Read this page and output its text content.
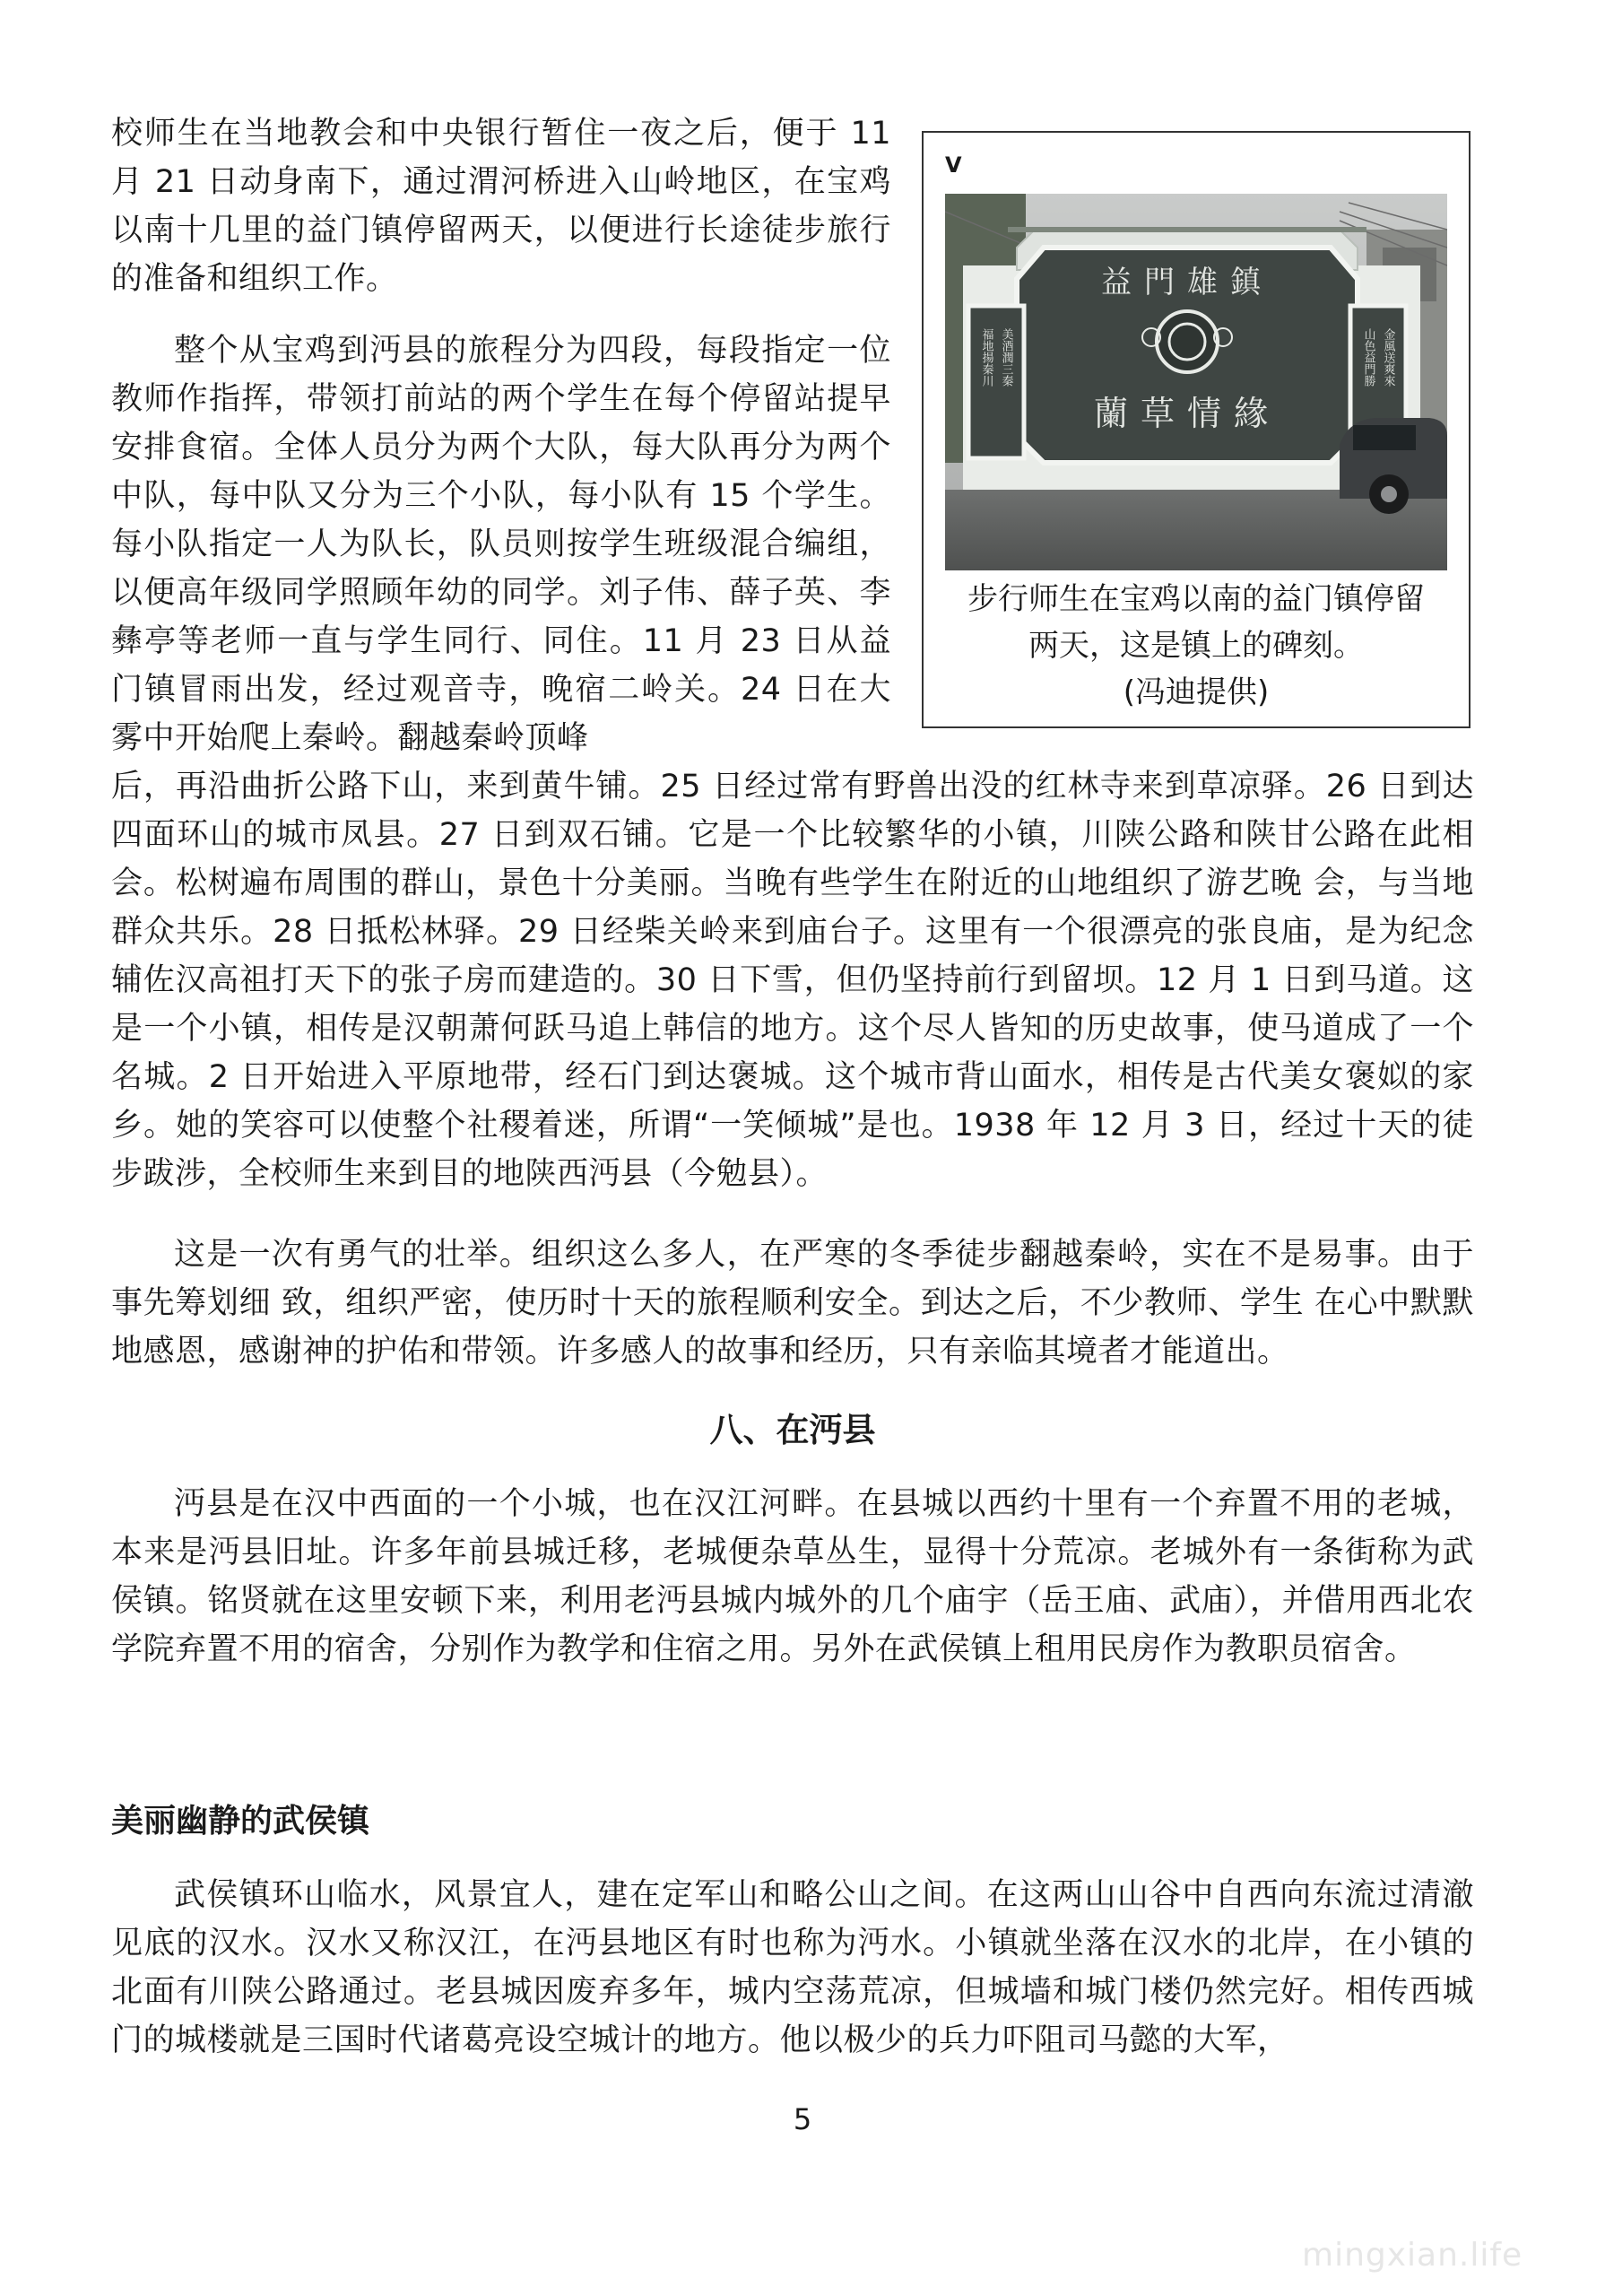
校师生在当地教会和中央银行暂住一夜之后，便于 11 月 21 日动身南下，通过渭河桥进入山岭地区，在宝鸡以南十几里的益门镇停留两天，以便进行长途徒步旅行的准备和组织工作。

整个从宝鸡到沔县的旅程分为四段，每段指定一位教师作指挥，带领打前站的两个学生在每个停留站提早安排食宿。全体人员分为两个大队，每大队再分为两个中队，每中队又分为三个小队，每小队有 15 个学生。每小队指定一人为队长，队员则按学生班级混合编组，以便高年级同学照顾年幼的同学。刘子伟、薛子英、李彝亭等老师一直与学生同行、同住。11 月 23 日从益门镇冒雨出发，经过观音寺，晚宿二岭关。24 日在大雾中开始爬上秦岭。翻越秦岭顶峰

后，再沿曲折公路下山，来到黄牛铺。25 日经过常有野兽出没的红林寺来到草凉驿。26 日到达四面环山的城市凤县。27 日到双石铺。它是一个比较繁华的小镇，川陕公路和陕甘公路在此相会。松树遍布周围的群山，景色十分美丽。当晚有些学生在附近的山地组织了游艺晚 会，与当地群众共乐。28 日抵松林驿。29 日经柴关岭来到庙台子。这里有一个很漂亮的张良庙，是为纪念辅佐汉高祖打天下的张子房而建造的。30 日下雪，但仍坚持前行到留坝。12 月 1 日到马道。这是一个小镇，相传是汉朝萧何跃马追上韩信的地方。这个尽人皆知的历史故事，使马道成了一个名城。2 日开始进入平原地带，经石门到达褒城。这个城市背山面水，相传是古代美女褒姒的家乡。她的笑容可以使整个社稷着迷，所谓“一笑倾城”是也。1938 年 12 月 3 日，经过十天的徒步跋涉，全校师生来到目的地陕西沔县（今勉县）。

这是一次有勇气的壮举。组织这么多人，在严寒的冬季徒步翻越秦岭，实在不是易事。由于事先筹划细 致，组织严密，使历时十天的旅程顺利安全。到达之后，不少教师、学生 在心中默默地感恩，感谢神的护佑和带领。许多感人的故事和经历，只有亲临其境者才能道出。

八、在沔县

沔县是在汉中西面的一个小城，也在汉江河畔。在县城以西约十里有一个弃置不用的老城，本来是沔县旧址。许多年前县城迁移，老城便杂草丛生，显得十分荒凉。老城外有一条街称为武侯镇。铭贤就在这里安顿下来，利用老沔县城内城外的几个庙宇（岳王庙、武庙），并借用西北农学院弃置不用的宿舍，分别作为教学和住宿之用。另外在武侯镇上租用民房作为教职员宿舍。

美丽幽静的武侯镇

武侯镇环山临水，风景宜人，建在定军山和略公山之间。在这两山山谷中自西向东流过清澈见底的汉水。汉水又称汉江，在沔县地区有时也称为沔水。小镇就坐落在汉水的北岸，在小镇的北面有川陕公路通过。老县城因废弃多年，城内空荡荒凉，但城墙和城门楼仍然完好。相传西城门的城楼就是三国时代诸葛亮设空城计的地方。他以极少的兵力吓阻司马懿的大军，

V
益門雄鎮
蘭草情緣
福地揚秦川 美酒潤三秦	山色益門勝 金風送爽來
步行师生在宝鸡以南的益门镇停留
两天，这是镇上的碑刻。
(冯迪提供)
5
mingxian.life
